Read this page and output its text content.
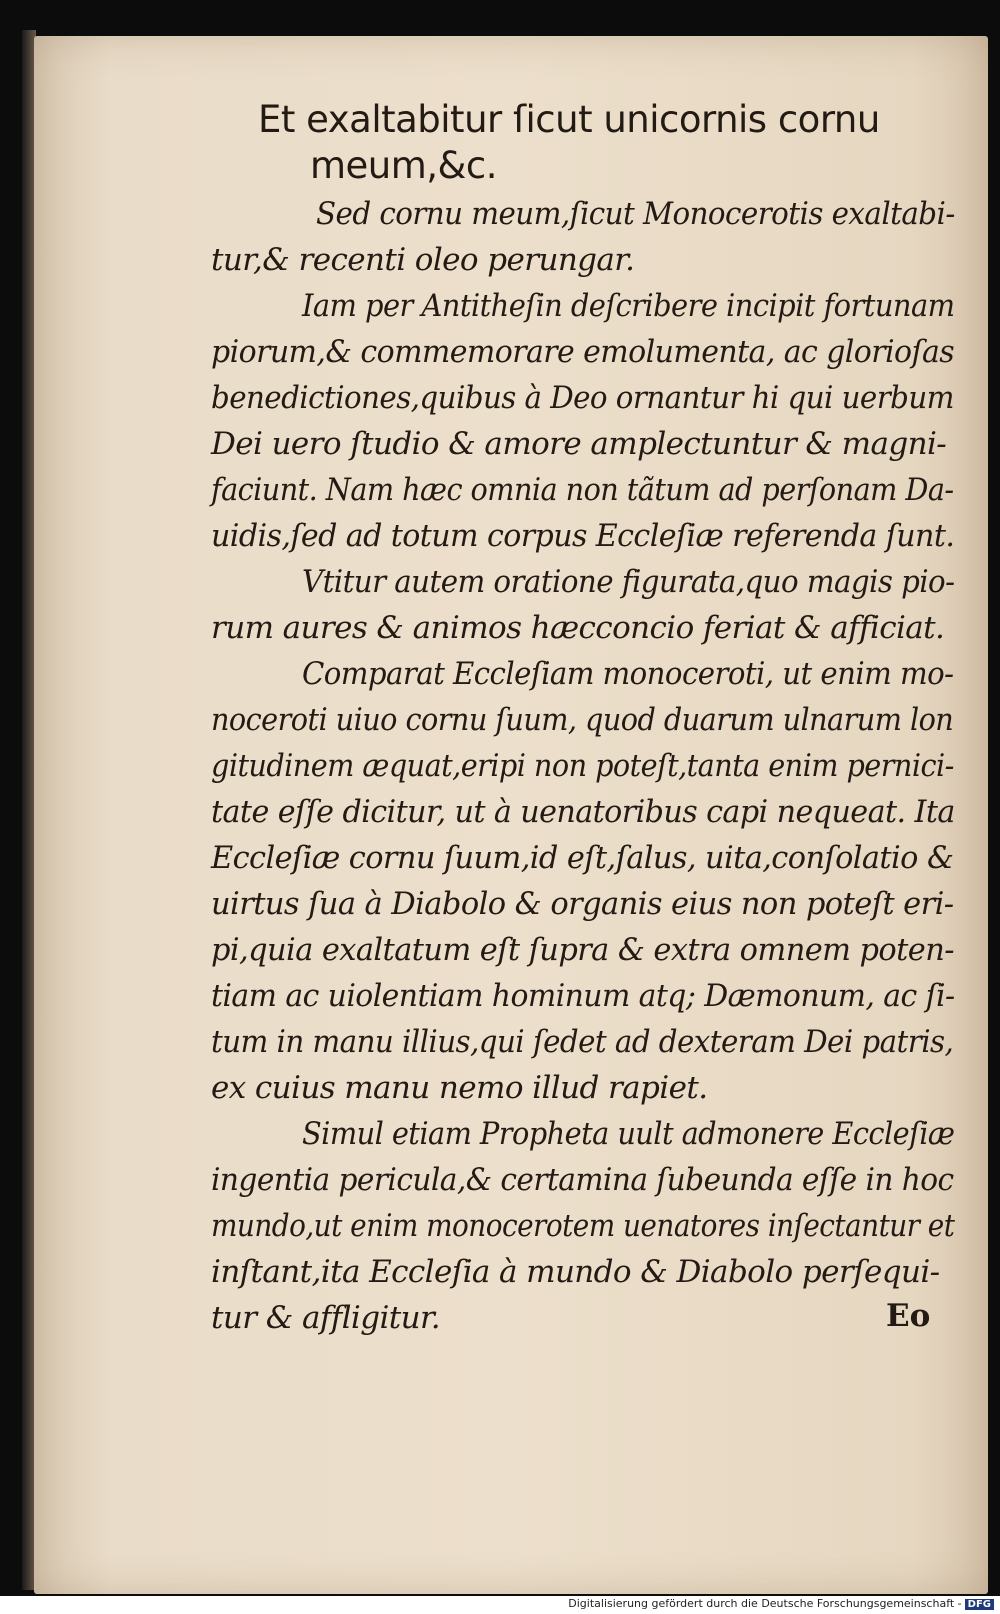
Et exaltabitur ſicut unicornis cornu
meum,&c.
Sed cornu meum,ſicut Monocerotis exaltabi-
tur,& recenti oleo perungar.
Iam per Antitheſin deſcribere incipit fortunam
piorum,& commemorare emolumenta, ac glorioſas
benedictiones,quibus à Deo ornantur hi qui uerbum
Dei uero ſtudio & amore amplectuntur & magni-
faciunt. Nam hæc omnia non tãtum ad perſonam Da-
uidis,ſed ad totum corpus Eccleſiæ referenda ſunt.
Vtitur autem oratione figurata,quo magis pio-
rum aures & animos hæcconcio feriat & afficiat.
Comparat Eccleſiam monoceroti, ut enim mo-
noceroti uiuo cornu ſuum, quod duarum ulnarum lon
gitudinem æquat,eripi non poteſt,tanta enim pernici-
tate eſſe dicitur, ut à uenatoribus capi nequeat. Ita
Eccleſiæ cornu ſuum,id eſt,ſalus, uita,conſolatio &
uirtus ſua à Diabolo & organis eius non poteſt eri-
pi,quia exaltatum eſt ſupra & extra omnem poten-
tiam ac uiolentiam hominum atq; Dæmonum, ac ſi-
tum in manu illius,qui ſedet ad dexteram Dei patris,
ex cuius manu nemo illud rapiet.
Simul etiam Propheta uult admonere Eccleſiæ
ingentia pericula,& certamina ſubeunda eſſe in hoc
mundo,ut enim monocerotem uenatores inſectantur et
inſtant,ita Eccleſia à mundo & Diabolo perſequi-
tur & affligitur.	Eo
Digitalisierung gefördert durch die Deutsche Forschungsgemeinschaft - DFG
